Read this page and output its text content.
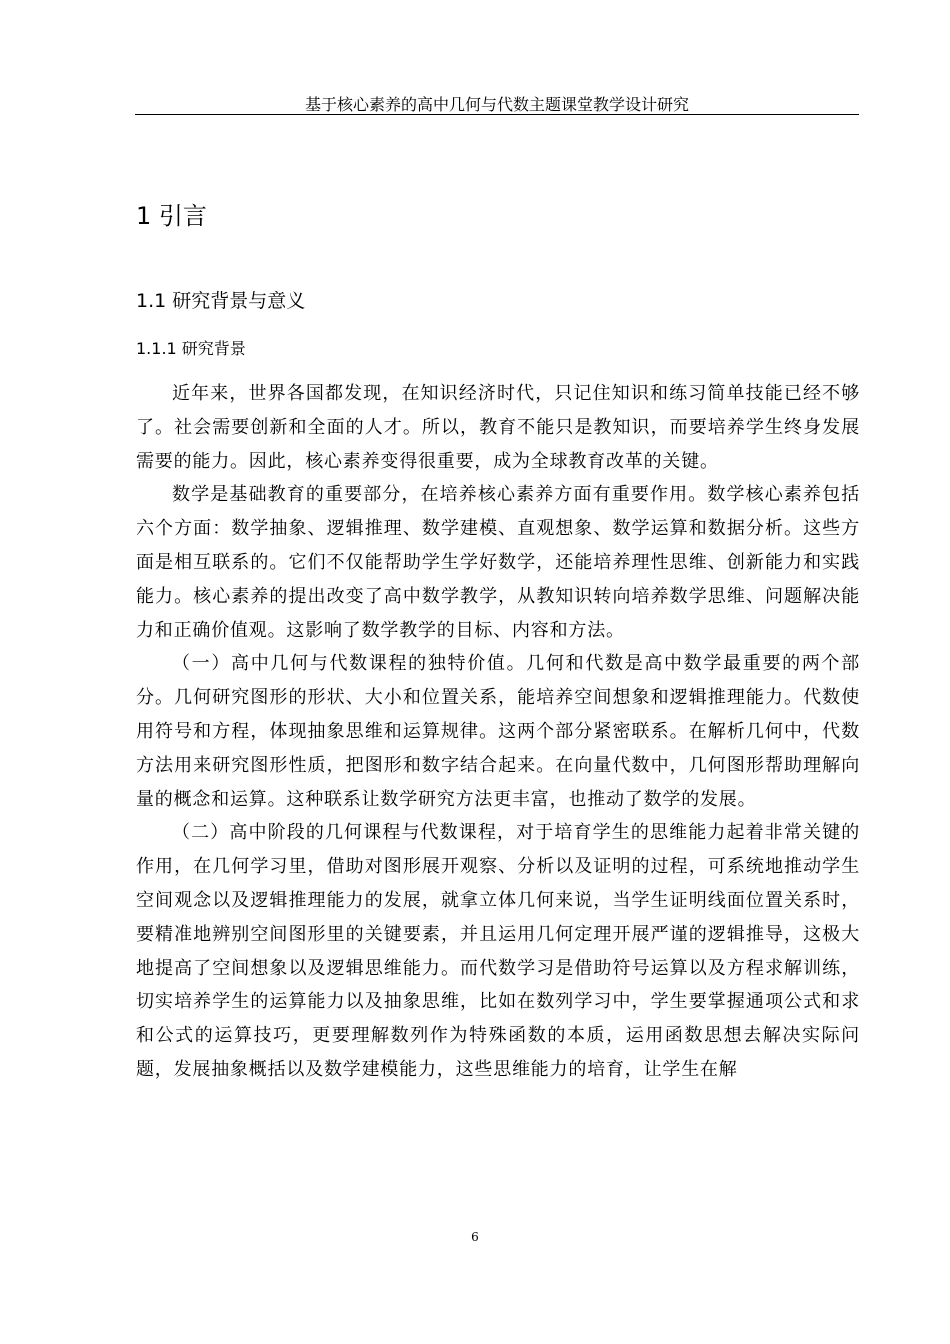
基于核心素养的高中几何与代数主题课堂教学设计研究
1 引言
1.1 研究背景与意义
1.1.1 研究背景

近年来，世界各国都发现，在知识经济时代，只记住知识和练习简单技能已经不够了。社会需要创新和全面的人才。所以，教育不能只是教知识，而要培养学生终身发展需要的能力。因此，核心素养变得很重要，成为全球教育改革的关键。

数学是基础教育的重要部分，在培养核心素养方面有重要作用。数学核心素养包括六个方面：数学抽象、逻辑推理、数学建模、直观想象、数学运算和数据分析。这些方面是相互联系的。它们不仅能帮助学生学好数学，还能培养理性思维、创新能力和实践能力。核心素养的提出改变了高中数学教学，从教知识转向培养数学思维、问题解决能力和正确价值观。这影响了数学教学的目标、内容和方法。

（一）高中几何与代数课程的独特价值。几何和代数是高中数学最重要的两个部分。几何研究图形的形状、大小和位置关系，能培养空间想象和逻辑推理能力。代数使用符号和方程，体现抽象思维和运算规律。这两个部分紧密联系。在解析几何中，代数方法用来研究图形性质，把图形和数字结合起来。在向量代数中，几何图形帮助理解向量的概念和运算。这种联系让数学研究方法更丰富，也推动了数学的发展。

（二）高中阶段的几何课程与代数课程，对于培育学生的思维能力起着非常关键的作用，在几何学习里，借助对图形展开观察、分析以及证明的过程，可系统地推动学生空间观念以及逻辑推理能力的发展，就拿立体几何来说，当学生证明线面位置关系时，要精准地辨别空间图形里的关键要素，并且运用几何定理开展严谨的逻辑推导，这极大地提高了空间想象以及逻辑思维能力。而代数学习是借助符号运算以及方程求解训练，切实培养学生的运算能力以及抽象思维，比如在数列学习中，学生要掌握通项公式和求和公式的运算技巧，更要理解数列作为特殊函数的本质，运用函数思想去解决实际问题，发展抽象概括以及数学建模能力，这些思维能力的培育，让学生在解

6
